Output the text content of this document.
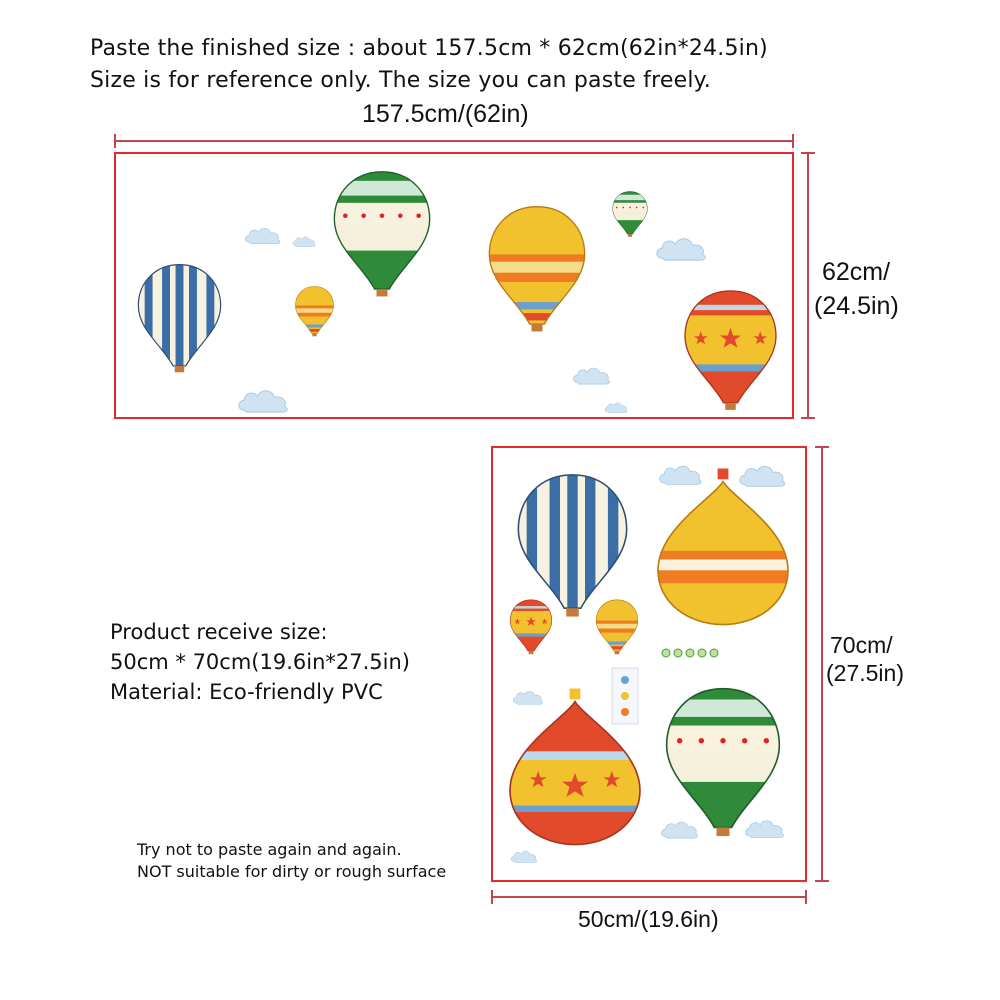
Paste the finished size : about 157.5cm * 62cm(62in*24.5in)
Size is for reference only. The size you can paste freely.
157.5cm/(62in)
62cm/
(24.5in)
Product receive size:
50cm * 70cm(19.6in*27.5in)
Material: Eco-friendly PVC
Try not to paste again and again.
NOT suitable for dirty or rough surface
70cm/
(27.5in)
50cm/(19.6in)
